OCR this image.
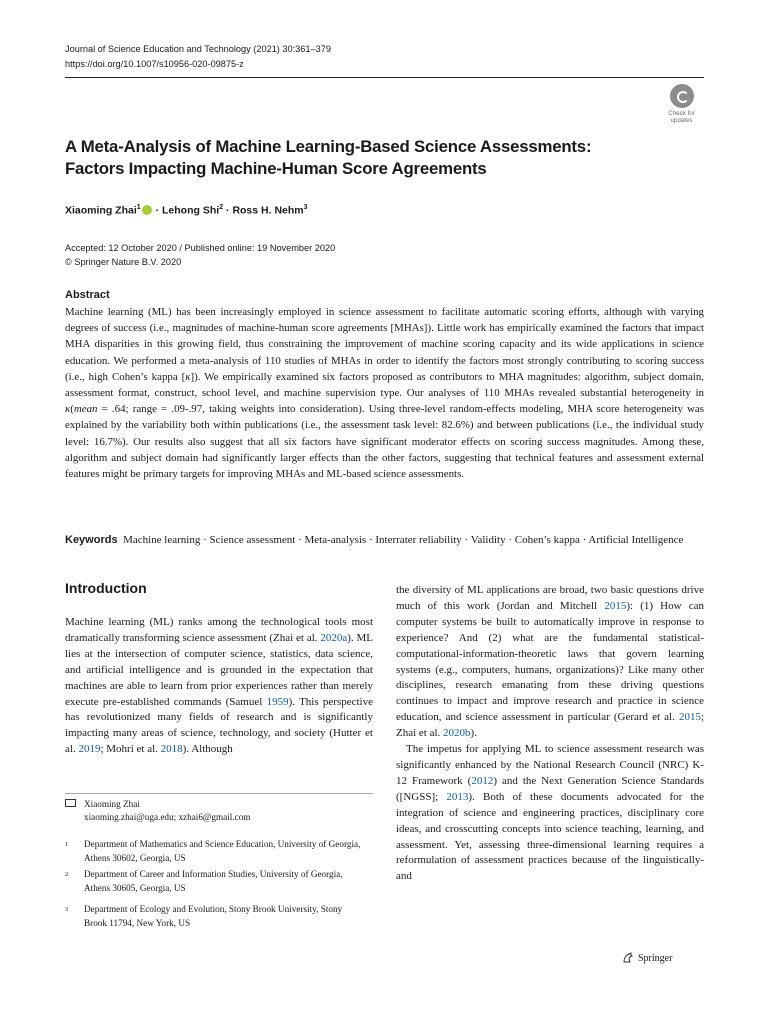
Journal of Science Education and Technology (2021) 30:361–379
https://doi.org/10.1007/s10956-020-09875-z
Check for
updates
A Meta-Analysis of Machine Learning-Based Science Assessments:
Factors Impacting Machine-Human Score Agreements
Xiaoming Zhai$^1$ · Lehong Shi$^2$ · Ross H. Nehm$^3$
Accepted: 12 October 2020 / Published online: 19 November 2020
© Springer Nature B.V. 2020
Abstract
Machine learning (ML) has been increasingly employed in science assessment to facilitate automatic scoring efforts, although with varying degrees of success (i.e., magnitudes of machine-human score agreements [MHAs]). Little work has empirically examined the factors that impact MHA disparities in this growing field, thus constraining the improvement of machine scoring capacity and its wide applications in science education. We performed a meta-analysis of 110 studies of MHAs in order to identify the factors most strongly contributing to scoring success (i.e., high Cohen’s kappa [κ]). We empirically examined six factors proposed as contributors to MHA magnitudes: algorithm, subject domain, assessment format, construct, school level, and machine supervision type. Our analyses of 110 MHAs revealed substantial heterogeneity in κ(mean = .64; range = .09-.97, taking weights into consideration). Using three-level random-effects modeling, MHA score heterogeneity was explained by the variability both within publications (i.e., the assessment task level: 82.6%) and between publications (i.e., the individual study level: 16.7%). Our results also suggest that all six factors have significant moderator effects on scoring success magnitudes. Among these, algorithm and subject domain had significantly larger effects than the other factors, suggesting that technical features and assessment external features might be primary targets for improving MHAs and ML-based science assessments.
Keywords Machine learning · Science assessment · Meta-analysis · Interrater reliability · Validity · Cohen’s kappa · Artificial Intelligence
Introduction

Machine learning (ML) ranks among the technological tools most dramatically transforming science assessment (Zhai et al. 2020a). ML lies at the intersection of computer science, statistics, data science, and artificial intelligence and is grounded in the expectation that machines are able to learn from prior experiences rather than merely execute pre-established commands (Samuel 1959). This perspective has revolutionized many fields of research and is significantly impacting many areas of science, technology, and society (Hutter et al. 2019; Mohri et al. 2018). Although

the diversity of ML applications are broad, two basic questions drive much of this work (Jordan and Mitchell 2015): (1) How can computer systems be built to automatically improve in response to experience? And (2) what are the fundamental statistical-computational-information-theoretic laws that govern learning systems (e.g., computers, humans, organizations)? Like many other disciplines, research emanating from these driving questions continues to impact and improve research and practice in science education, and science assessment in particular (Gerard et al. 2015; Zhai et al. 2020b).

The impetus for applying ML to science assessment research was significantly enhanced by the National Research Council (NRC) K-12 Framework (2012) and the Next Generation Science Standards ([NGSS]; 2013). Both of these documents advocated for the integration of science and engineering practices, disciplinary core ideas, and crosscutting concepts into science teaching, learning, and assessment. Yet, assessing three-dimensional learning requires a reformulation of assessment practices because of the linguistically- and

Xiaoming Zhai
xiaoming.zhai@uga.edu; xzhai6@gmail.com
$^1$ Department of Mathematics and Science Education, University of Georgia, Athens 30602, Georgia, US
$^2$ Department of Career and Information Studies, University of Georgia, Athens 30605, Georgia, US
$^3$ Department of Ecology and Evolution, Stony Brook University, Stony Brook 11794, New York, US
Springer
